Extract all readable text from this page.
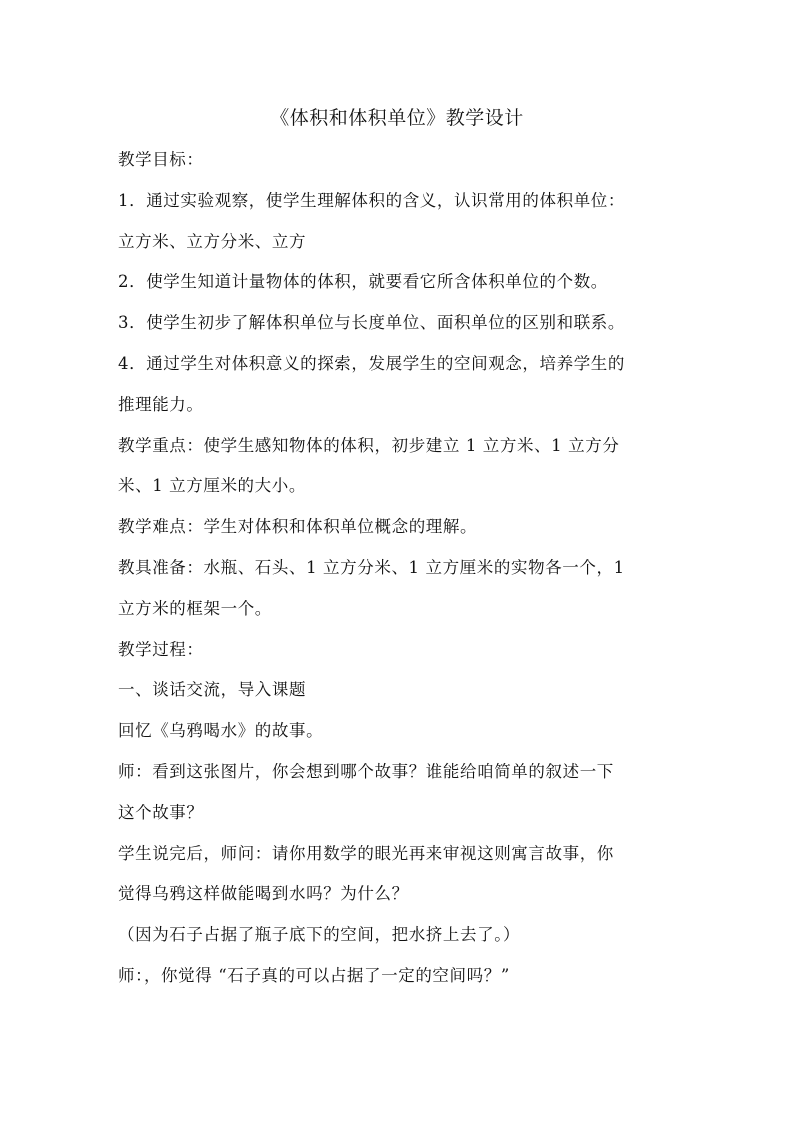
《体积和体积单位》教学设计
教学目标：
1．通过实验观察，使学生理解体积的含义，认识常用的体积单位：
立方米、立方分米、立方
2．使学生知道计量物体的体积，就要看它所含体积单位的个数。
3．使学生初步了解体积单位与长度单位、面积单位的区别和联系。
4．通过学生对体积意义的探索，发展学生的空间观念，培养学生的
推理能力。
教学重点：使学生感知物体的体积，初步建立 1 立方米、1 立方分
米、1 立方厘米的大小。
教学难点：学生对体积和体积单位概念的理解。
教具准备：水瓶、石头、1 立方分米、1 立方厘米的实物各一个，1
立方米的框架一个。
教学过程：
一、谈话交流，导入课题
回忆《乌鸦喝水》的故事。
师：看到这张图片，你会想到哪个故事？谁能给咱简单的叙述一下
这个故事？
学生说完后，师问：请你用数学的眼光再来审视这则寓言故事，你
觉得乌鸦这样做能喝到水吗？为什么？
（因为石子占据了瓶子底下的空间，把水挤上去了。）
师：，你觉得 “石子真的可以占据了一定的空间吗？”
